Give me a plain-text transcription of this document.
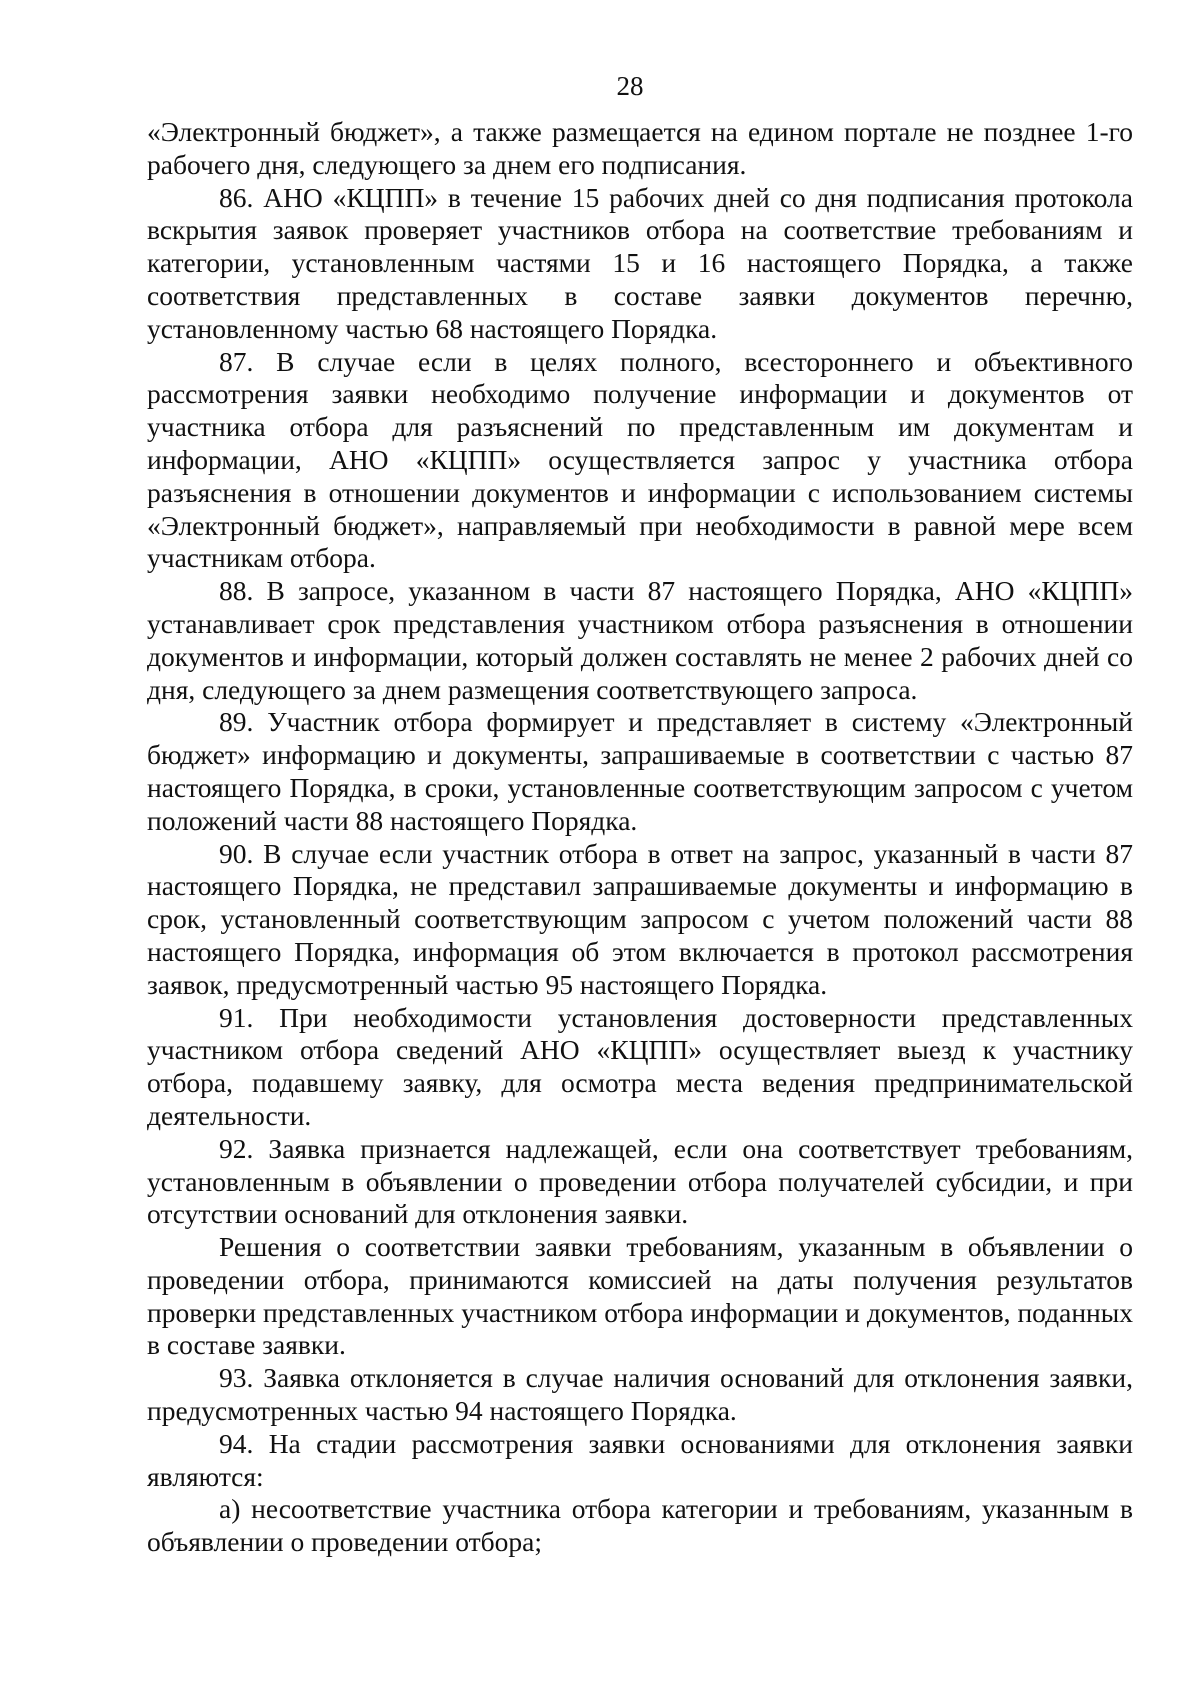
28

«Электронный бюджет», а также размещается на едином портале не позднее 1-го рабочего дня, следующего за днем его подписания.

86. АНО «КЦПП» в течение 15 рабочих дней со дня подписания протокола вскрытия заявок проверяет участников отбора на соответствие требованиям и категории, установленным частями 15 и 16 настоящего Порядка, а также соответствия представленных в составе заявки документов перечню, установленному частью 68 настоящего Порядка.

87. В случае если в целях полного, всестороннего и объективного рассмотрения заявки необходимо получение информации и документов от участника отбора для разъяснений по представленным им документам и информации, АНО «КЦПП» осуществляется запрос у участника отбора разъяснения в отношении документов и информации с использованием системы «Электронный бюджет», направляемый при необходимости в равной мере всем участникам отбора.

88. В запросе, указанном в части 87 настоящего Порядка, АНО «КЦПП» устанавливает срок представления участником отбора разъяснения в отношении документов и информации, который должен составлять не менее 2 рабочих дней со дня, следующего за днем размещения соответствующего запроса.

89. Участник отбора формирует и представляет в систему «Электронный бюджет» информацию и документы, запрашиваемые в соответствии с частью 87 настоящего Порядка, в сроки, установленные соответствующим запросом с учетом положений части 88 настоящего Порядка.

90. В случае если участник отбора в ответ на запрос, указанный в части 87 настоящего Порядка, не представил запрашиваемые документы и информацию в срок, установленный соответствующим запросом с учетом положений части 88 настоящего Порядка, информация об этом включается в протокол рассмотрения заявок, предусмотренный частью 95 настоящего Порядка.

91. При необходимости установления достоверности представленных участником отбора сведений АНО «КЦПП» осуществляет выезд к участнику отбора, подавшему заявку, для осмотра места ведения предпринимательской деятельности.

92. Заявка признается надлежащей, если она соответствует требованиям, установленным в объявлении о проведении отбора получателей субсидии, и при отсутствии оснований для отклонения заявки.

Решения о соответствии заявки требованиям, указанным в объявлении о проведении отбора, принимаются комиссией на даты получения результатов проверки представленных участником отбора информации и документов, поданных в составе заявки.

93. Заявка отклоняется в случае наличия оснований для отклонения заявки, предусмотренных частью 94 настоящего Порядка.

94. На стадии рассмотрения заявки основаниями для отклонения заявки являются:

а) несоответствие участника отбора категории и требованиям, указанным в объявлении о проведении отбора;
